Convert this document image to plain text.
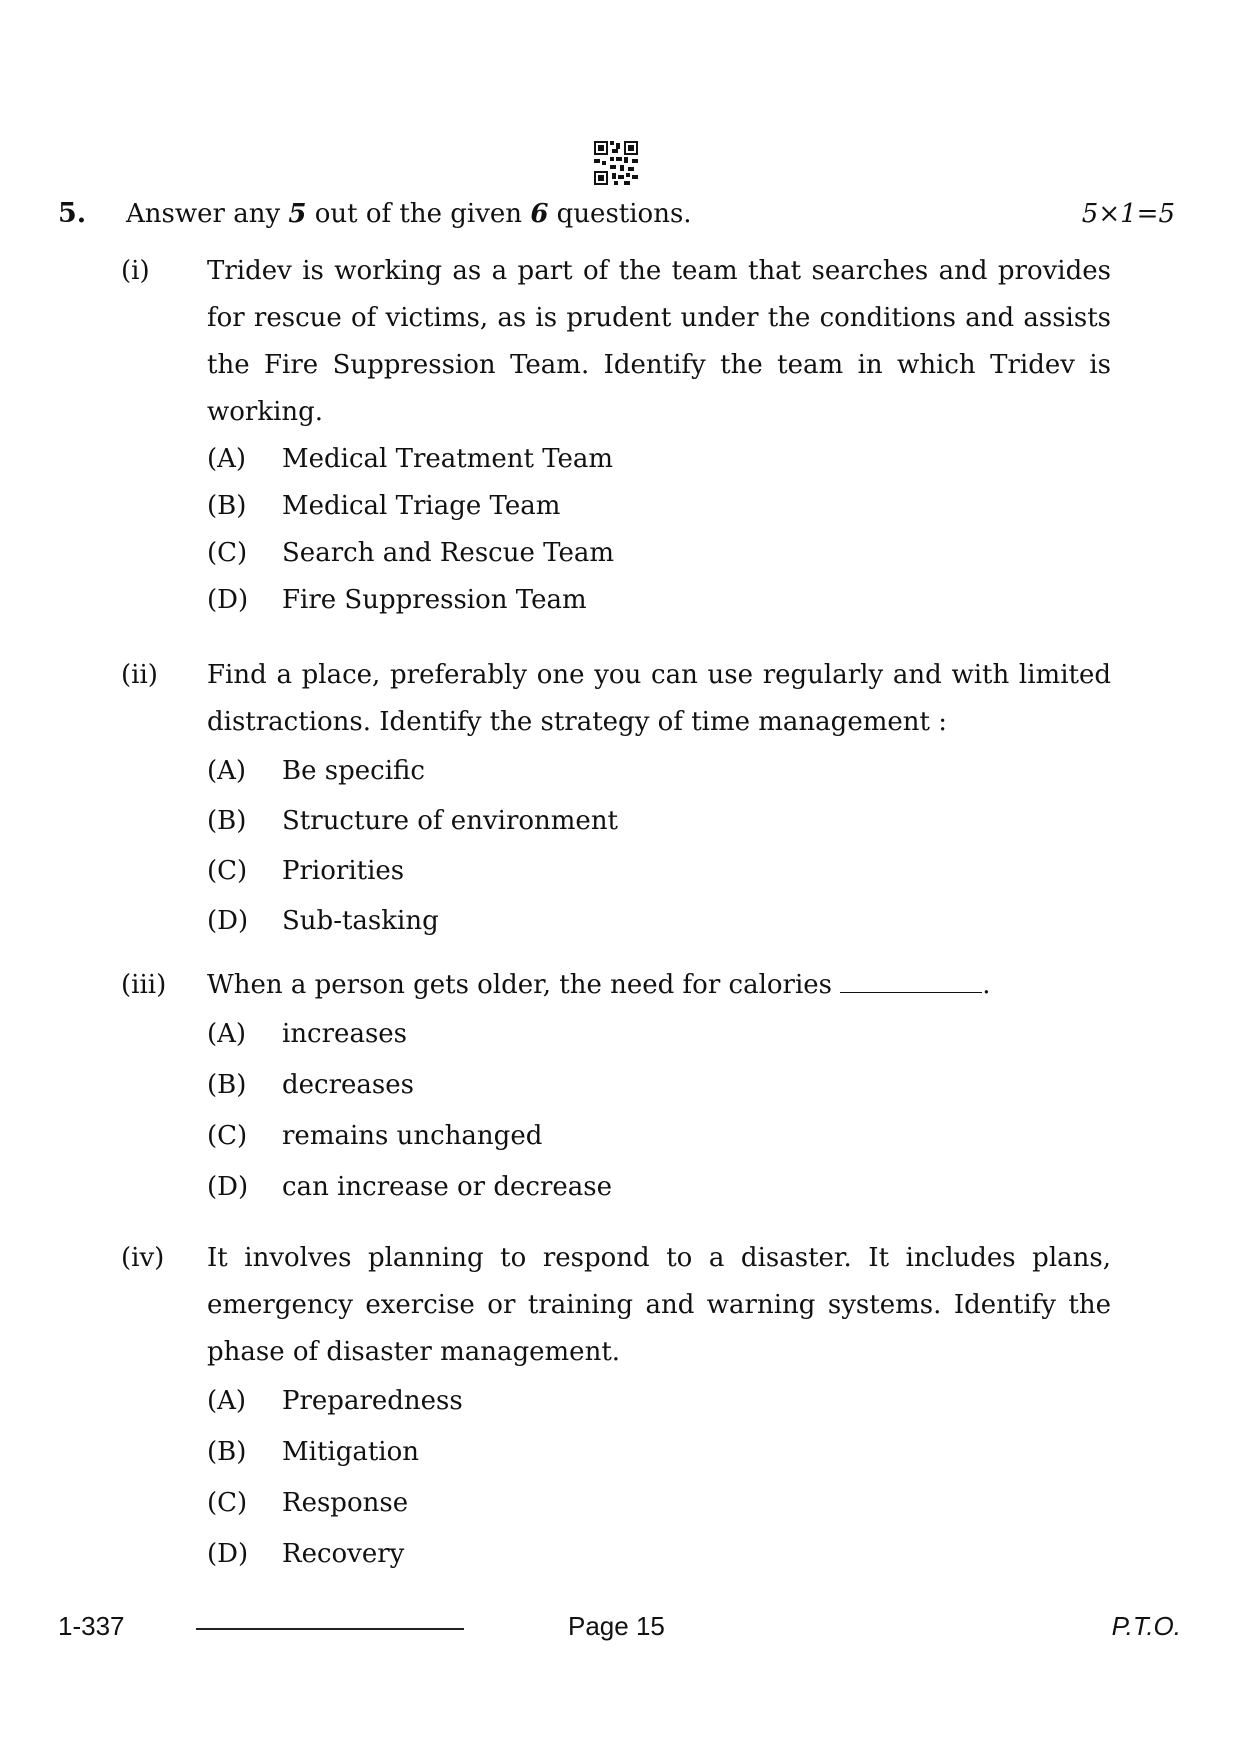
5. Answer any 5 out of the given 6 questions.	5×1=5
(i) Tridev is working as a part of the team that searches and provides for rescue of victims, as is prudent under the conditions and assists the Fire Suppression Team. Identify the team in which Tridev is working.
(A)	Medical Treatment Team
(B)	Medical Triage Team
(C)	Search and Rescue Team
(D)	Fire Suppression Team
(ii) Find a place, preferably one you can use regularly and with limited distractions. Identify the strategy of time management :
(A)	Be specific
(B)	Structure of environment
(C)	Priorities
(D)	Sub-tasking
(iii) When a person gets older, the need for calories	.
(A)	increases
(B)	decreases
(C)	remains unchanged
(D)	can increase or decrease
(iv) It involves planning to respond to a disaster. It includes plans, emergency exercise or training and warning systems. Identify the phase of disaster management.
(A)	Preparedness
(B)	Mitigation
(C)	Response
(D)	Recovery
1-337	Page 15	P.T.O.
